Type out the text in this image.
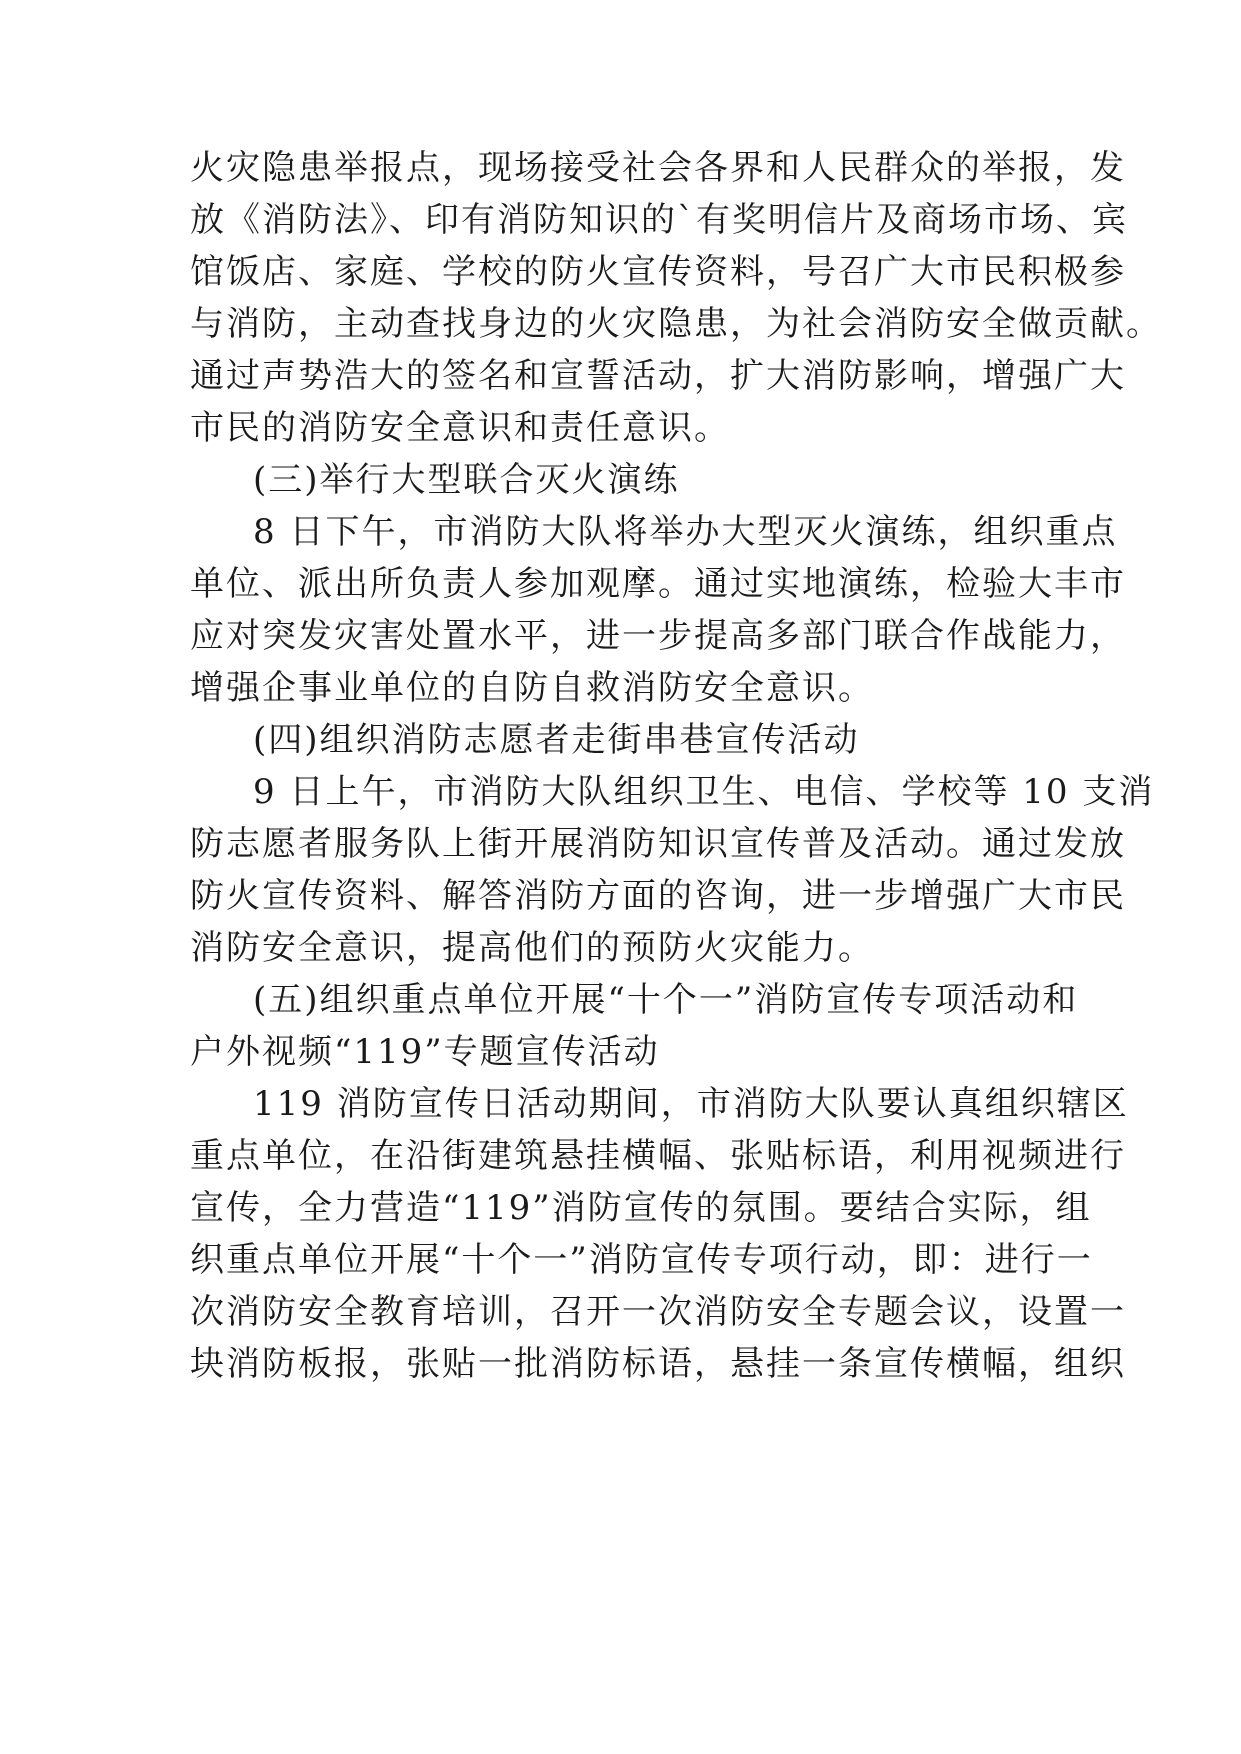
火灾隐患举报点，现场接受社会各界和人民群众的举报，发
放《消防法》、印有消防知识的`有奖明信片及商场市场、宾
馆饭店、家庭、学校的防火宣传资料，号召广大市民积极参
与消防，主动查找身边的火灾隐患，为社会消防安全做贡献。
通过声势浩大的签名和宣誓活动，扩大消防影响，增强广大
市民的消防安全意识和责任意识。
(三)举行大型联合灭火演练
8 日下午，市消防大队将举办大型灭火演练，组织重点
单位、派出所负责人参加观摩。通过实地演练，检验大丰市
应对突发灾害处置水平，进一步提高多部门联合作战能力，
增强企事业单位的自防自救消防安全意识。
(四)组织消防志愿者走街串巷宣传活动
9 日上午，市消防大队组织卫生、电信、学校等 10 支消
防志愿者服务队上街开展消防知识宣传普及活动。通过发放
防火宣传资料、解答消防方面的咨询，进一步增强广大市民
消防安全意识，提高他们的预防火灾能力。
(五)组织重点单位开展“十个一”消防宣传专项活动和
户外视频“119”专题宣传活动
119 消防宣传日活动期间，市消防大队要认真组织辖区
重点单位，在沿街建筑悬挂横幅、张贴标语，利用视频进行
宣传，全力营造“119”消防宣传的氛围。要结合实际，组
织重点单位开展“十个一”消防宣传专项行动，即：进行一
次消防安全教育培训，召开一次消防安全专题会议，设置一
块消防板报，张贴一批消防标语，悬挂一条宣传横幅，组织
